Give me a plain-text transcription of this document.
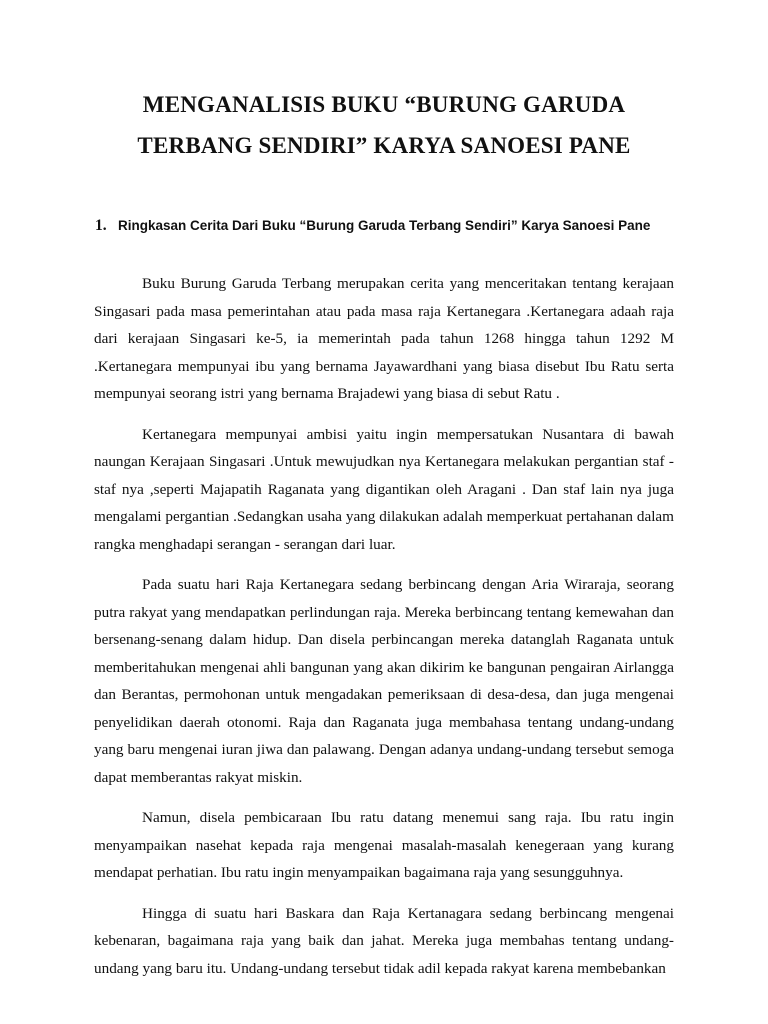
MENGANALISIS BUKU “BURUNG GARUDA
TERBANG SENDIRI” KARYA SANOESI PANE
1. Ringkasan Cerita Dari Buku “Burung Garuda Terbang Sendiri” Karya Sanoesi Pane

Buku Burung Garuda Terbang merupakan cerita yang menceritakan tentang kerajaan Singasari pada masa pemerintahan atau pada masa raja Kertanegara .Kertanegara adaah raja dari kerajaan Singasari ke-5, ia memerintah pada tahun 1268 hingga tahun 1292 M .Kertanegara mempunyai ibu yang bernama Jayawardhani yang biasa disebut Ibu Ratu serta mempunyai seorang istri yang bernama Brajadewi yang biasa di sebut Ratu .

Kertanegara mempunyai ambisi yaitu ingin mempersatukan Nusantara di bawah naungan Kerajaan Singasari .Untuk mewujudkan nya Kertanegara melakukan pergantian staf - staf nya ,seperti Majapatih Raganata yang digantikan oleh Aragani . Dan staf lain nya juga mengalami pergantian .Sedangkan usaha yang dilakukan adalah memperkuat pertahanan dalam rangka menghadapi serangan - serangan dari luar.

Pada suatu hari Raja Kertanegara sedang berbincang dengan Aria Wiraraja, seorang putra rakyat yang mendapatkan perlindungan raja. Mereka berbincang tentang kemewahan dan bersenang-senang dalam hidup. Dan disela perbincangan mereka datanglah Raganata untuk memberitahukan mengenai ahli bangunan yang akan dikirim ke bangunan pengairan Airlangga dan Berantas, permohonan untuk mengadakan pemeriksaan di desa-desa, dan juga mengenai penyelidikan daerah otonomi. Raja dan Raganata juga membahasa tentang undang-undang yang baru mengenai iuran jiwa dan palawang. Dengan adanya undang-undang tersebut semoga dapat memberantas rakyat miskin.

Namun, disela pembicaraan Ibu ratu datang menemui sang raja. Ibu ratu ingin menyampaikan nasehat kepada raja mengenai masalah-masalah kenegeraan yang kurang mendapat perhatian. Ibu ratu ingin menyampaikan bagaimana raja yang sesungguhnya.

Hingga di suatu hari Baskara dan Raja Kertanagara sedang berbincang mengenai kebenaran, bagaimana raja yang baik dan jahat. Mereka juga membahas tentang undang-undang yang baru itu. Undang-undang tersebut tidak adil kepada rakyat karena membebankan
